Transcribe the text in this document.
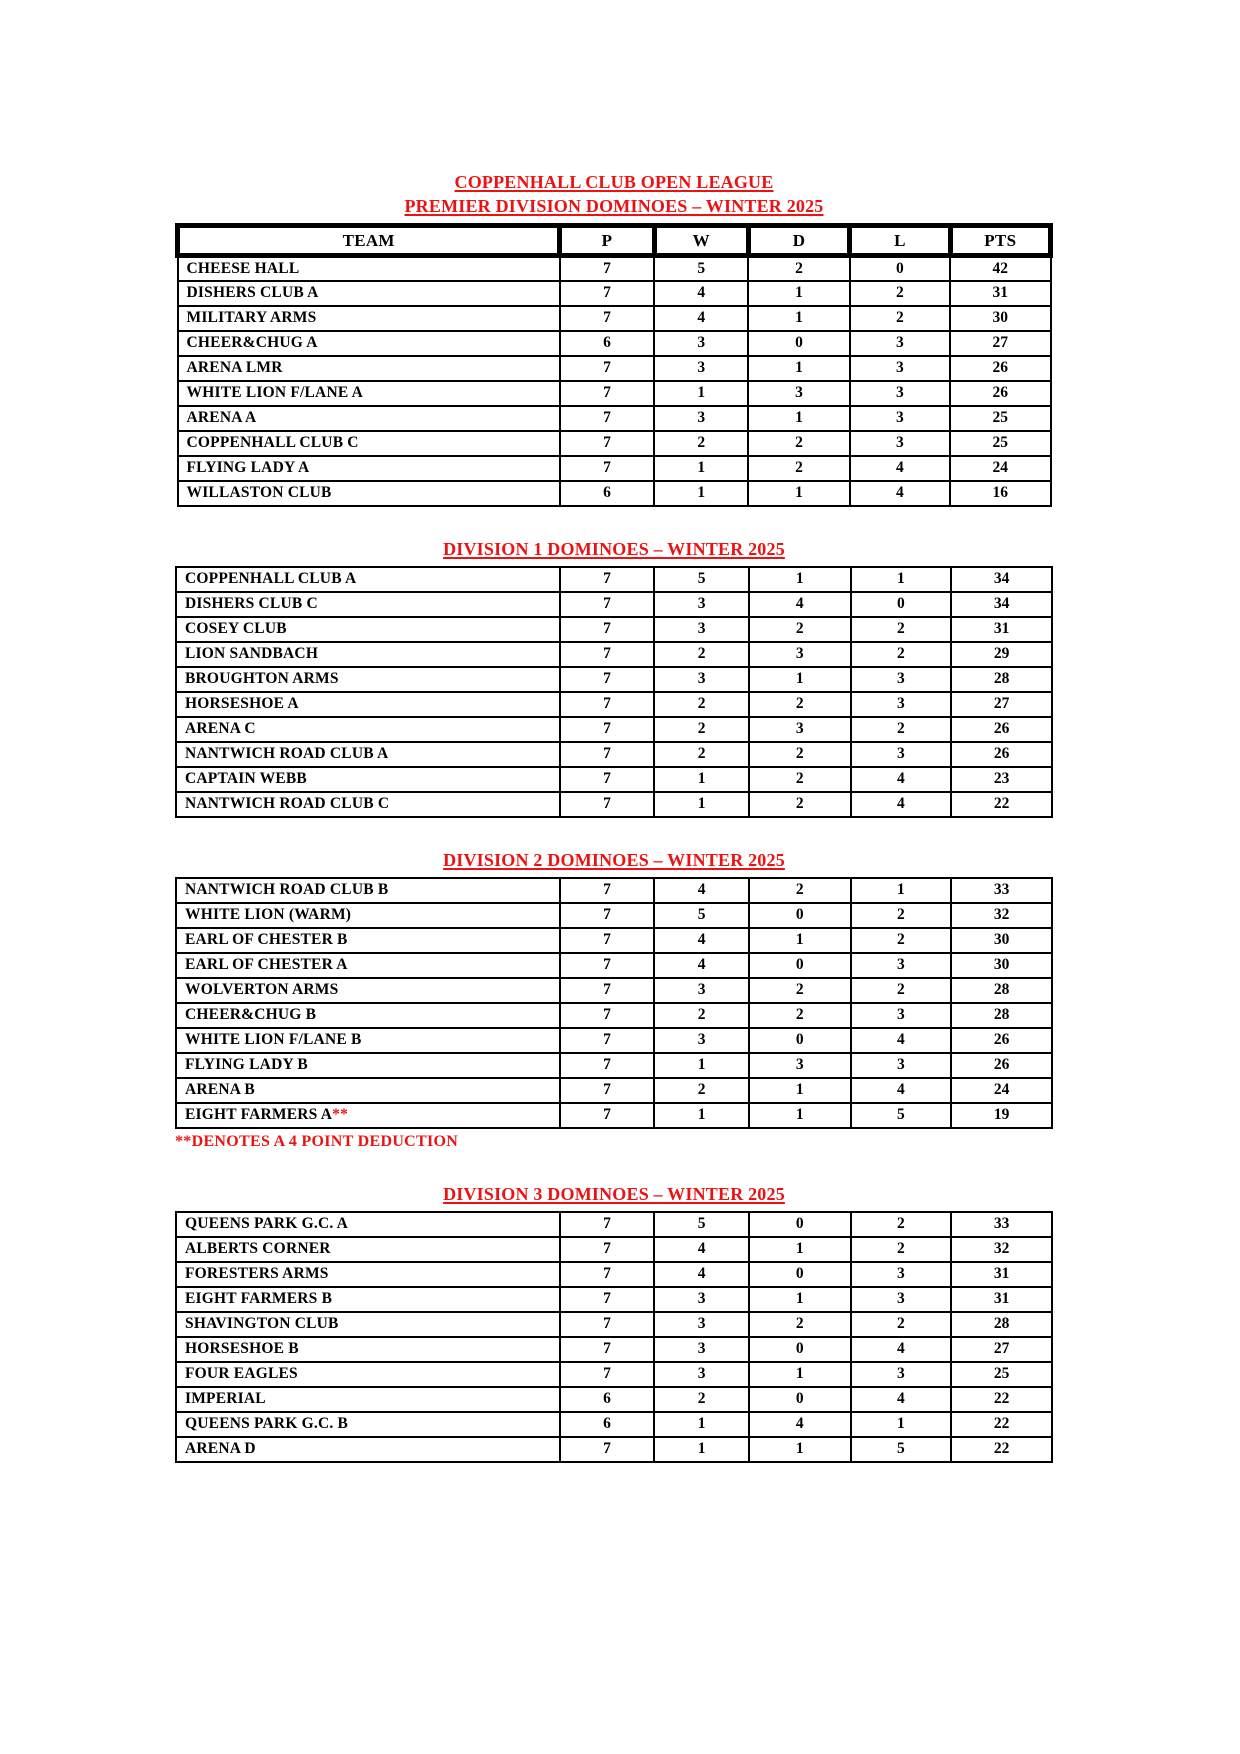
COPPENHALL CLUB OPEN LEAGUE
PREMIER DIVISION DOMINOES – WINTER 2025
TEAM	P	W	D	L	PTS
CHEESE HALL	7	5	2	0	42
DISHERS CLUB A	7	4	1	2	31
MILITARY ARMS	7	4	1	2	30
CHEER&CHUG A	6	3	0	3	27
ARENA LMR	7	3	1	3	26
WHITE LION F/LANE A	7	1	3	3	26
ARENA A	7	3	1	3	25
COPPENHALL CLUB C	7	2	2	3	25
FLYING LADY A	7	1	2	4	24
WILLASTON CLUB	6	1	1	4	16
DIVISION 1 DOMINOES – WINTER 2025
COPPENHALL CLUB A	7	5	1	1	34
DISHERS CLUB C	7	3	4	0	34
COSEY CLUB	7	3	2	2	31
LION SANDBACH	7	2	3	2	29
BROUGHTON ARMS	7	3	1	3	28
HORSESHOE A	7	2	2	3	27
ARENA C	7	2	3	2	26
NANTWICH ROAD CLUB A	7	2	2	3	26
CAPTAIN WEBB	7	1	2	4	23
NANTWICH ROAD CLUB C	7	1	2	4	22
DIVISION 2 DOMINOES – WINTER 2025
NANTWICH ROAD CLUB B	7	4	2	1	33
WHITE LION (WARM)	7	5	0	2	32
EARL OF CHESTER B	7	4	1	2	30
EARL OF CHESTER A	7	4	0	3	30
WOLVERTON ARMS	7	3	2	2	28
CHEER&CHUG B	7	2	2	3	28
WHITE LION F/LANE B	7	3	0	4	26
FLYING LADY B	7	1	3	3	26
ARENA B	7	2	1	4	24
EIGHT FARMERS A**	7	1	1	5	19
**DENOTES A 4 POINT DEDUCTION
DIVISION 3 DOMINOES – WINTER 2025
QUEENS PARK G.C. A	7	5	0	2	33
ALBERTS CORNER	7	4	1	2	32
FORESTERS ARMS	7	4	0	3	31
EIGHT FARMERS B	7	3	1	3	31
SHAVINGTON CLUB	7	3	2	2	28
HORSESHOE B	7	3	0	4	27
FOUR EAGLES	7	3	1	3	25
IMPERIAL	6	2	0	4	22
QUEENS PARK G.C. B	6	1	4	1	22
ARENA D	7	1	1	5	22
